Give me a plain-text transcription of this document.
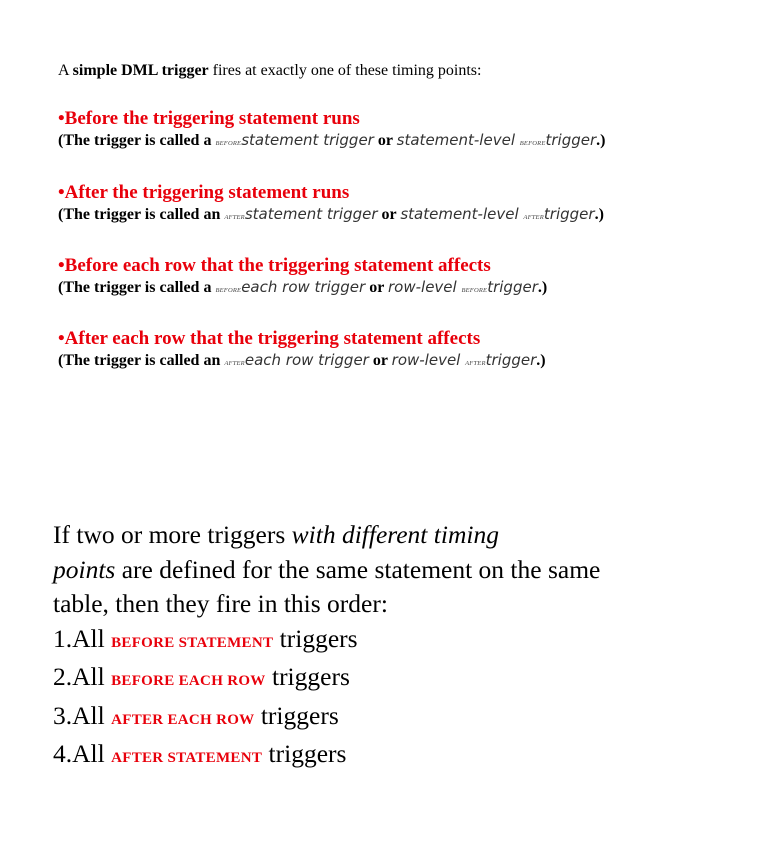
A simple DML trigger fires at exactly one of these timing points:
•Before the triggering statement runs
(The trigger is called a BEFOREstatement trigger or statement-level BEFOREtrigger.)
•After the triggering statement runs
(The trigger is called an AFTERstatement trigger or statement-level AFTERtrigger.)
•Before each row that the triggering statement affects
(The trigger is called a BEFOREeach row trigger or row-level BEFOREtrigger.)
•After each row that the triggering statement affects
(The trigger is called an AFTEReach row trigger or row-level AFTERtrigger.)
If two or more triggers with different timing
points are defined for the same statement on the same
table, then they fire in this order:
1.All BEFORE STATEMENT triggers
2.All BEFORE EACH ROW triggers
3.All AFTER EACH ROW triggers
4.All AFTER STATEMENT triggers
